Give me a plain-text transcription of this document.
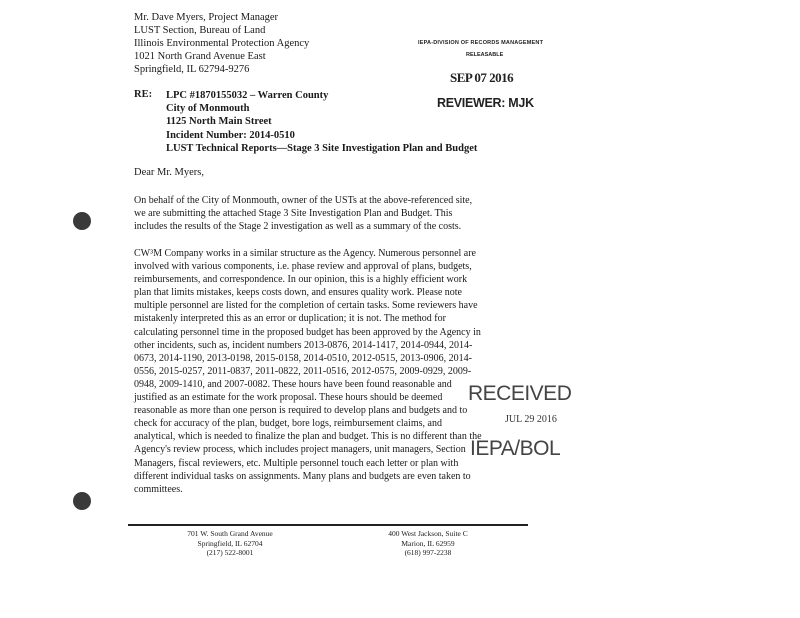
Mr. Dave Myers, Project Manager
LUST Section, Bureau of Land
Illinois Environmental Protection Agency
1021 North Grand Avenue East
Springfield, IL 62794-9276
IEPA-DIVISION OF RECORDS MANAGEMENT
RELEASABLE
SEP 07 2016
REVIEWER: MJK
RE: LPC #1870155032 – Warren County
City of Monmouth
1125 North Main Street
Incident Number: 2014-0510
LUST Technical Reports—Stage 3 Site Investigation Plan and Budget
Dear Mr. Myers,
On behalf of the City of Monmouth, owner of the USTs at the above-referenced site,
we are submitting the attached Stage 3 Site Investigation Plan and Budget. This
includes the results of the Stage 2 investigation as well as a summary of the costs.
CW³M Company works in a similar structure as the Agency. Numerous personnel are
involved with various components, i.e. phase review and approval of plans, budgets,
reimbursements, and correspondence. In our opinion, this is a highly efficient work
plan that limits mistakes, keeps costs down, and ensures quality work. Please note
multiple personnel are listed for the completion of certain tasks. Some reviewers have
mistakenly interpreted this as an error or duplication; it is not. The method for
calculating personnel time in the proposed budget has been approved by the Agency in
other incidents, such as, incident numbers 2013-0876, 2014-1417, 2014-0944, 2014-
0673, 2014-1190, 2013-0198, 2015-0158, 2014-0510, 2012-0515, 2013-0906, 2014-
0556, 2015-0257, 2011-0837, 2011-0822, 2011-0516, 2012-0575, 2009-0929, 2009-
0948, 2009-1410, and 2007-0082. These hours have been found reasonable and
justified as an estimate for the work proposal. These hours should be deemed
reasonable as more than one person is required to develop plans and budgets and to
check for accuracy of the plan, budget, bore logs, reimbursement claims, and
analytical, which is needed to finalize the plan and budget. This is no different than the
Agency's review process, which includes project managers, unit managers, Section
Managers, fiscal reviewers, etc. Multiple personnel touch each letter or plan with
different individual tasks on assignments. Many plans and budgets are even taken to
committees.
RECEIVED
JUL 29 2016
IEPA/BOL
701 W. South Grand Avenue
Springfield, IL 62704
(217) 522-8001
400 West Jackson, Suite C
Marion, IL 62959
(618) 997-2238
